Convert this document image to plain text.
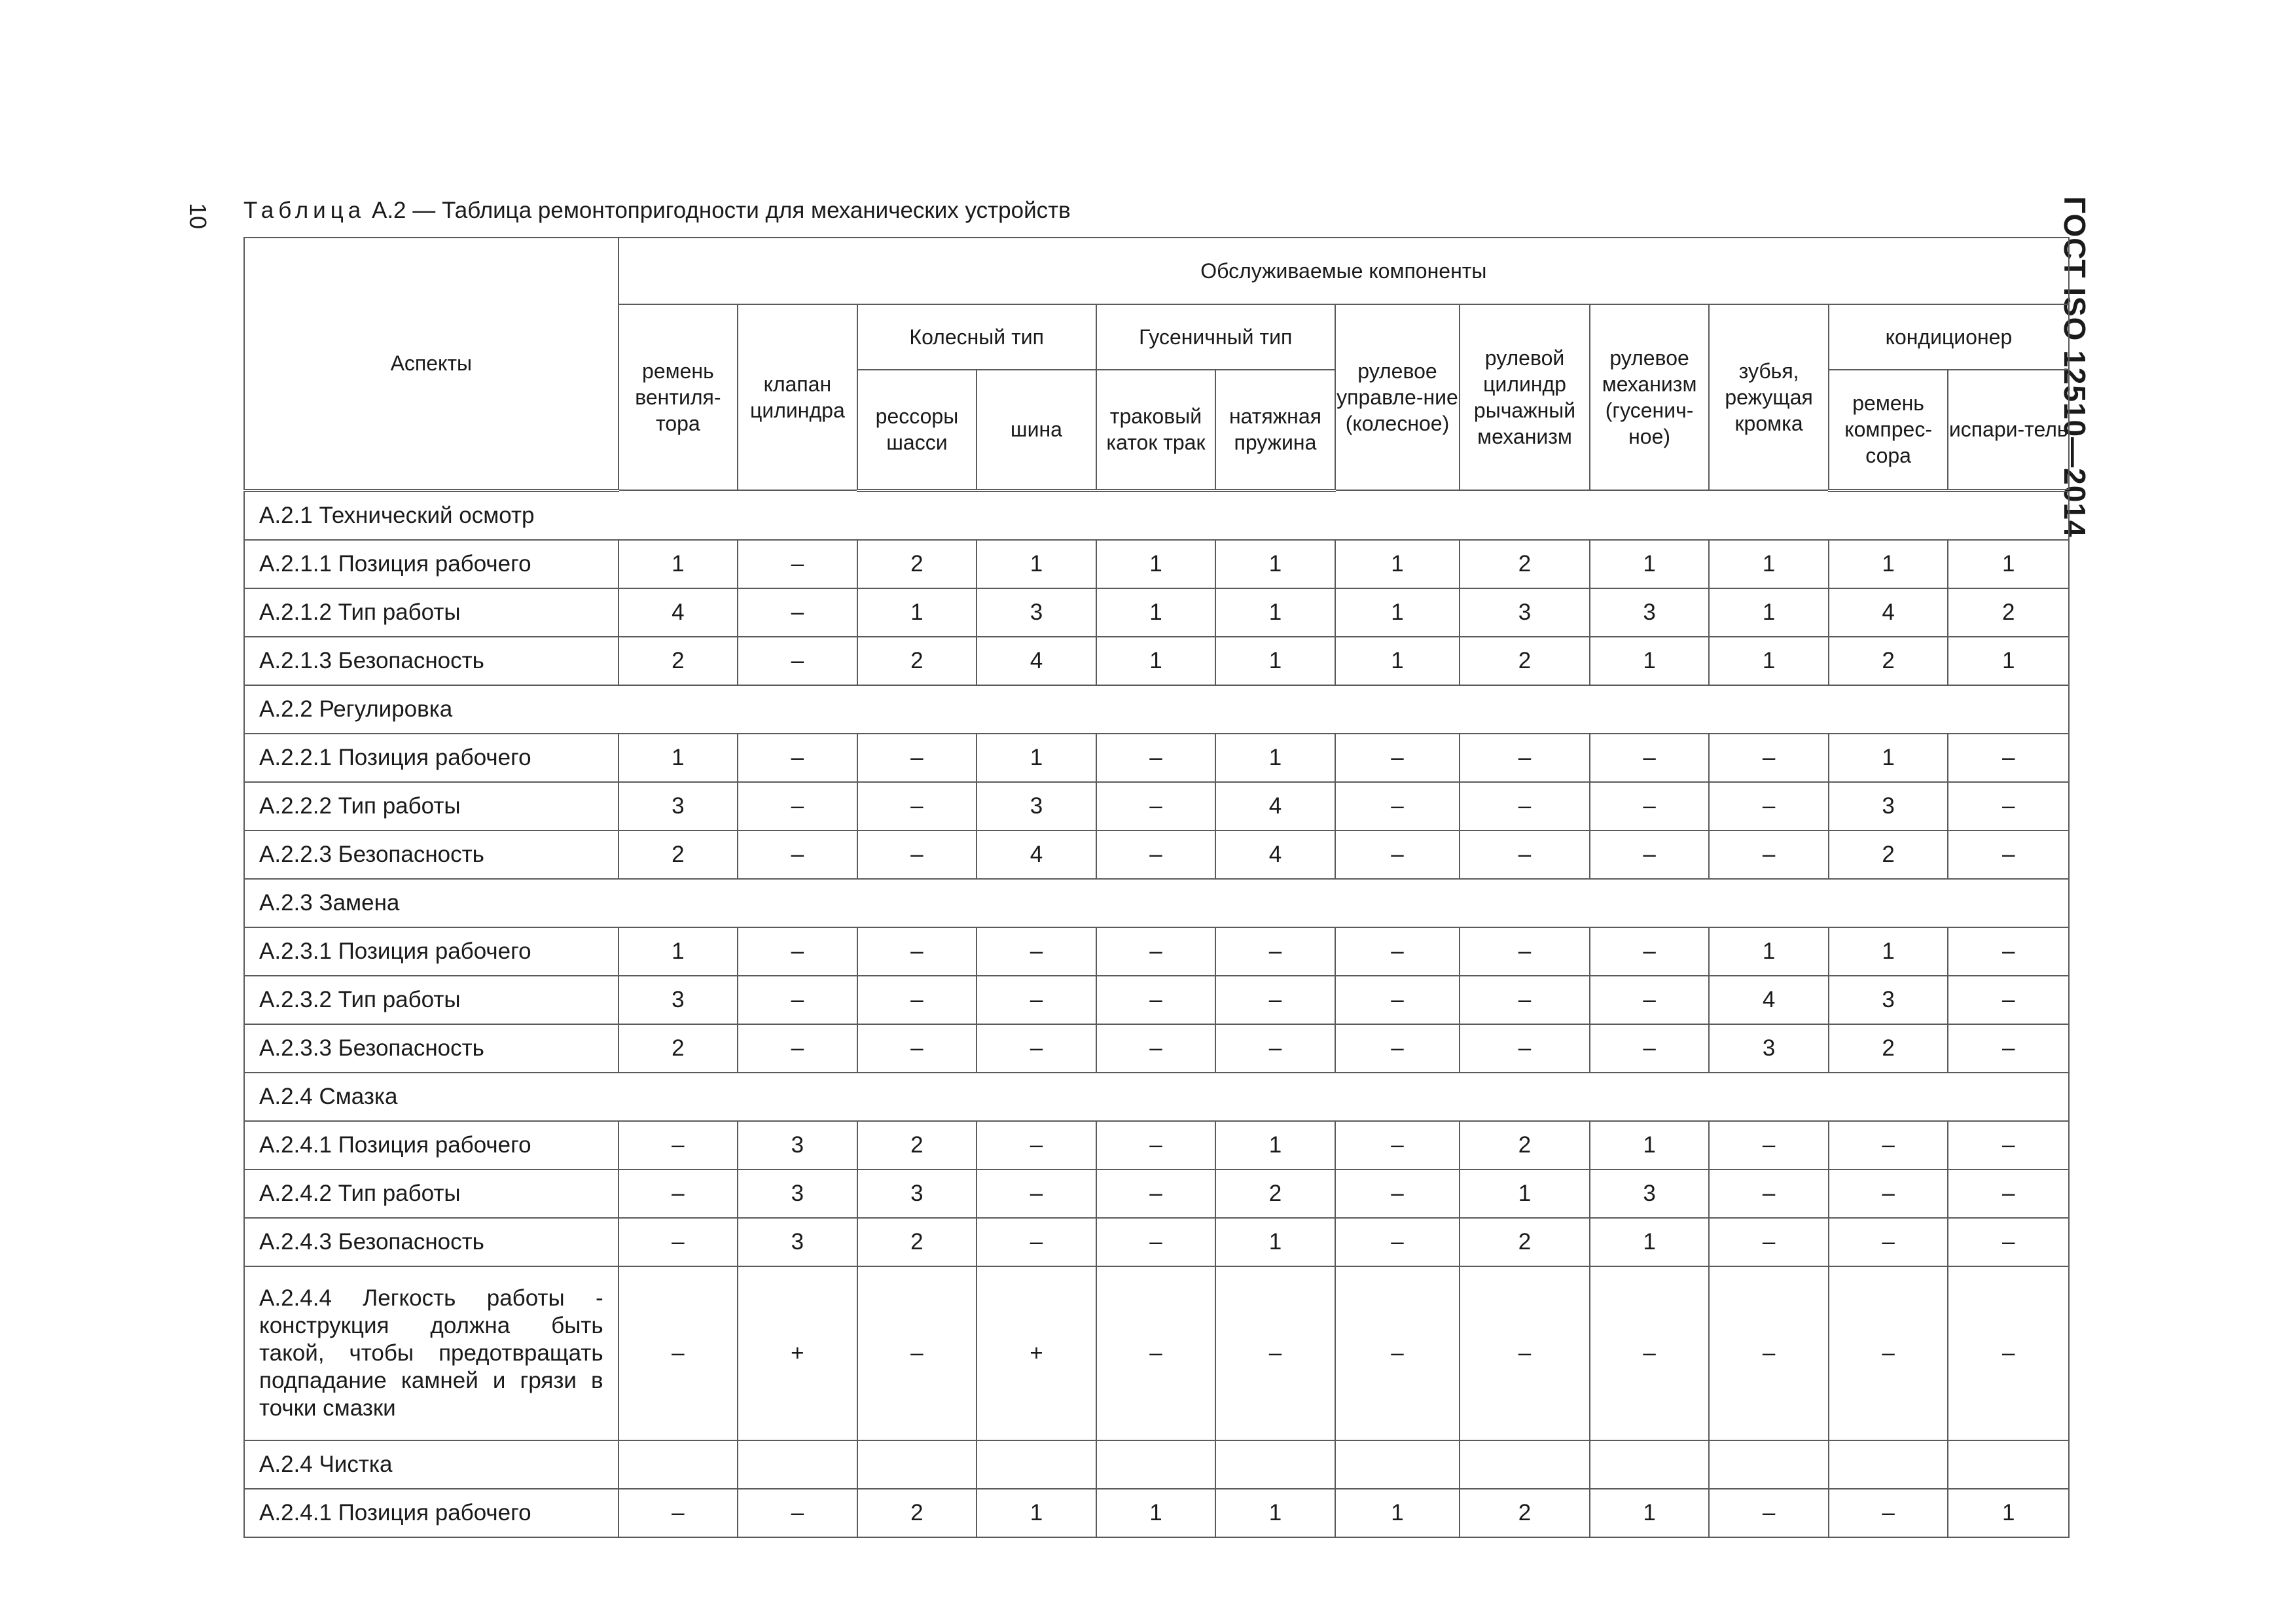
10	ГОСТ ISO 12510—2014
Таблица А.2 — Таблица ремонтопригодности для механических устройств
Аспекты	Обслуживаемые компоненты											
	ремень вентиля-тора	клапан цилиндра	Колесный тип		Гусеничный тип		рулевое управле-ние (колесное)	рулевой цилиндр рычажный механизм	рулевое механизм (гусенич-ное)	зубья, режущая кромка	кондиционер	
			рессоры шасси	шина	траковый каток трак	натяжная пружина					ремень компрес-сора	испари-тель
А.2.1 Технический осмотр												
А.2.1.1 Позиция рабочего	1	–	2	1	1	1	1	2	1	1	1	1
А.2.1.2 Тип работы	4	–	1	3	1	1	1	3	3	1	4	2
А.2.1.3 Безопасность	2	–	2	4	1	1	1	2	1	1	2	1
А.2.2 Регулировка												
А.2.2.1 Позиция рабочего	1	–	–	1	–	1	–	–	–	–	1	–
А.2.2.2 Тип работы	3	–	–	3	–	4	–	–	–	–	3	–
А.2.2.3 Безопасность	2	–	–	4	–	4	–	–	–	–	2	–
А.2.3 Замена												
А.2.3.1 Позиция рабочего	1	–	–	–	–	–	–	–	–	1	1	–
А.2.3.2 Тип работы	3	–	–	–	–	–	–	–	–	4	3	–
А.2.3.3 Безопасность	2	–	–	–	–	–	–	–	–	3	2	–
А.2.4 Смазка												
А.2.4.1 Позиция рабочего	–	3	2	–	–	1	–	2	1	–	–	–
А.2.4.2 Тип работы	–	3	3	–	–	2	–	1	3	–	–	–
А.2.4.3 Безопасность	–	3	2	–	–	1	–	2	1	–	–	–
А.2.4.4 Легкость работы - конструкция должна быть такой, чтобы предотвращать подпадание камней и грязи в точки смазки	–	+	–	+	–	–	–	–	–	–	–	–
А.2.4 Чистка												
А.2.4.1 Позиция рабочего	–	–	2	1	1	1	1	2	1	–	–	1
